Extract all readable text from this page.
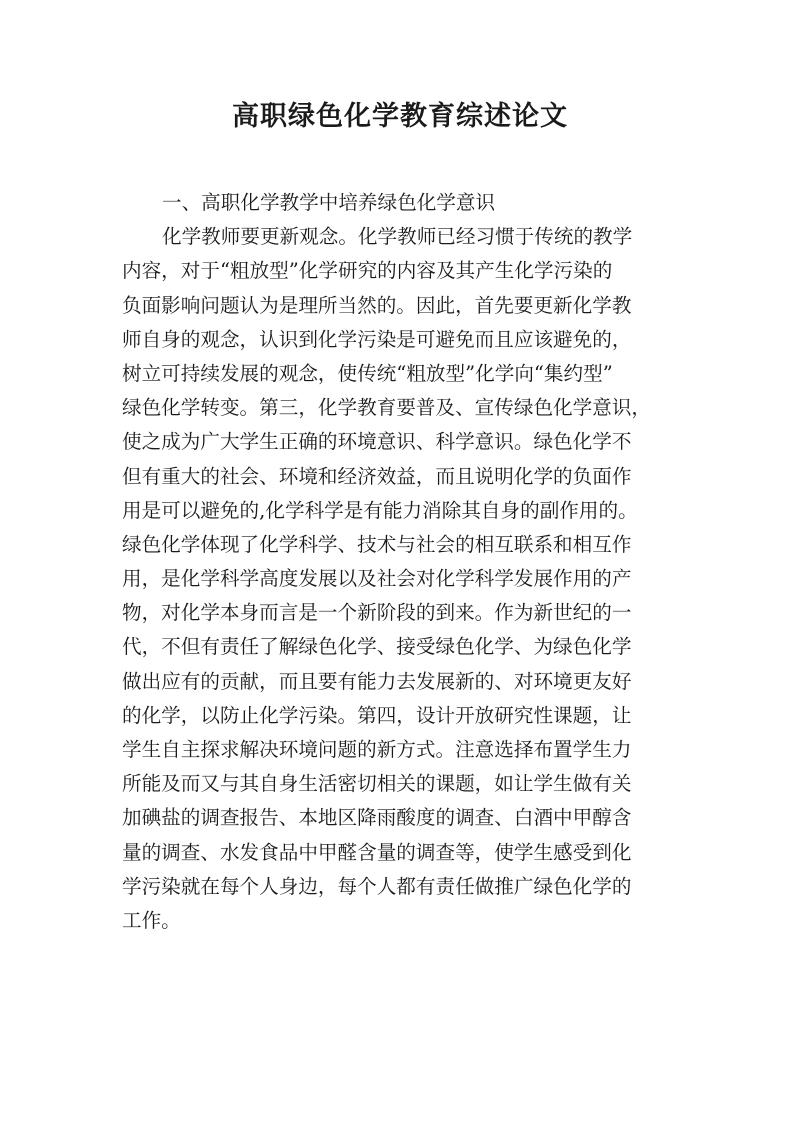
高职绿色化学教育综述论文
一、高职化学教学中培养绿色化学意识
化学教师要更新观念。化学教师已经习惯于传统的教学
内容，对于“粗放型”化学研究的内容及其产生化学污染的
负面影响问题认为是理所当然的。因此，首先要更新化学教
师自身的观念，认识到化学污染是可避免而且应该避免的，
树立可持续发展的观念，使传统“粗放型”化学向“集约型”
绿色化学转变。第三，化学教育要普及、宣传绿色化学意识，
使之成为广大学生正确的环境意识、科学意识。绿色化学不
但有重大的社会、环境和经济效益，而且说明化学的负面作
用是可以避免的,化学科学是有能力消除其自身的副作用的。
绿色化学体现了化学科学、技术与社会的相互联系和相互作
用，是化学科学高度发展以及社会对化学科学发展作用的产
物，对化学本身而言是一个新阶段的到来。作为新世纪的一
代，不但有责任了解绿色化学、接受绿色化学、为绿色化学
做出应有的贡献，而且要有能力去发展新的、对环境更友好
的化学，以防止化学污染。第四，设计开放研究性课题，让
学生自主探求解决环境问题的新方式。注意选择布置学生力
所能及而又与其自身生活密切相关的课题，如让学生做有关
加碘盐的调查报告、本地区降雨酸度的调查、白酒中甲醇含
量的调查、水发食品中甲醛含量的调查等，使学生感受到化
学污染就在每个人身边，每个人都有责任做推广绿色化学的
工作。
